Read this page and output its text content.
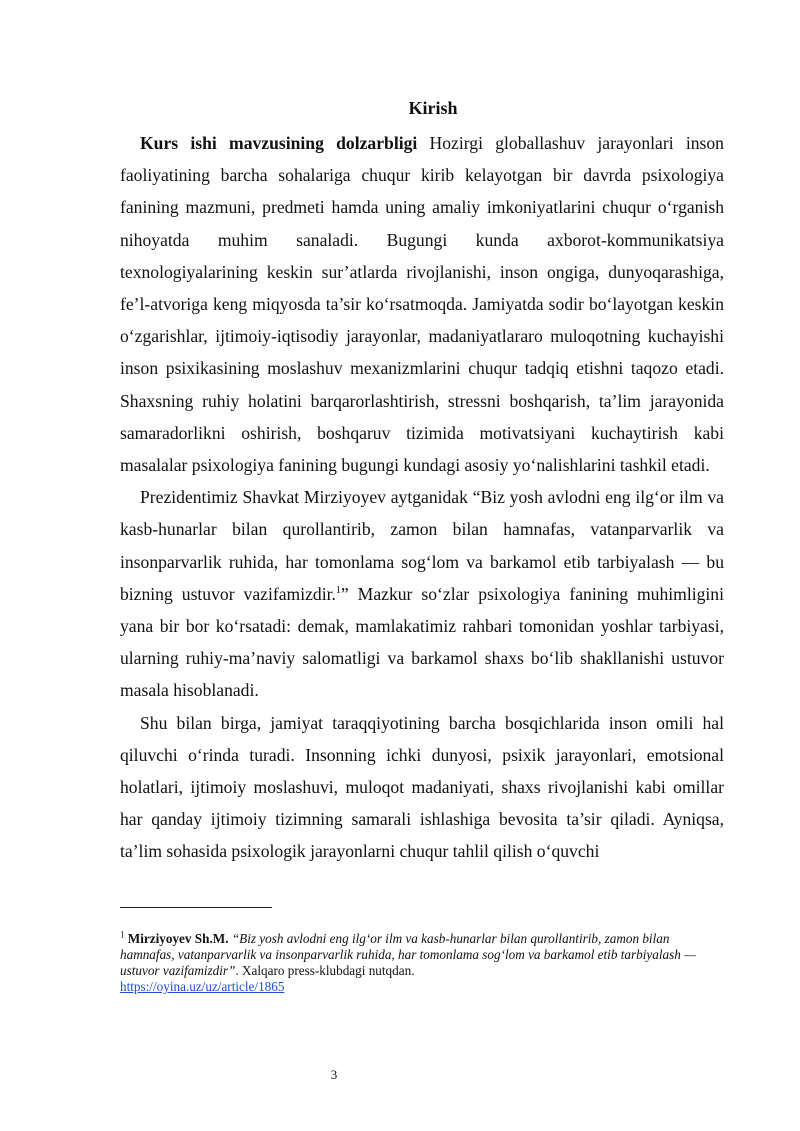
Kirish

Kurs ishi mavzusining dolzarbligi Hozirgi globallashuv jarayonlari inson faoliyatining barcha sohalariga chuqur kirib kelayotgan bir davrda psixologiya fanining mazmuni, predmeti hamda uning amaliy imkoniyatlarini chuqur o‘rganish nihoyatda muhim sanaladi. Bugungi kunda axborot-kommunikatsiya texnologiyalarining keskin sur’atlarda rivojlanishi, inson ongiga, dunyoqarashiga, fe’l-atvoriga keng miqyosda ta’sir ko‘rsatmoqda. Jamiyatda sodir bo‘layotgan keskin o‘zgarishlar, ijtimoiy-iqtisodiy jarayonlar, madaniyatlararo muloqotning kuchayishi inson psixikasining moslashuv mexanizmlarini chuqur tadqiq etishni taqozo etadi. Shaxsning ruhiy holatini barqarorlashtirish, stressni boshqarish, ta’lim jarayonida samaradorlikni oshirish, boshqaruv tizimida motivatsiyani kuchaytirish kabi masalalar psixologiya fanining bugungi kundagi asosiy yo‘nalishlarini tashkil etadi.

Prezidentimiz Shavkat Mirziyoyev aytganidak “Biz yosh avlodni eng ilg‘or ilm va kasb-hunarlar bilan qurollantirib, zamon bilan hamnafas, vatanparvarlik va insonparvarlik ruhida, har tomonlama sog‘lom va barkamol etib tarbiyalash — bu bizning ustuvor vazifamizdir.$^1$” Mazkur so‘zlar psixologiya fanining muhimligini yana bir bor ko‘rsatadi: demak, mamlakatimiz rahbari tomonidan yoshlar tarbiyasi, ularning ruhiy-ma’naviy salomatligi va barkamol shaxs bo‘lib shakllanishi ustuvor masala hisoblanadi.

Shu bilan birga, jamiyat taraqqiyotining barcha bosqichlarida inson omili hal qiluvchi o‘rinda turadi. Insonning ichki dunyosi, psixik jarayonlari, emotsional holatlari, ijtimoiy moslashuvi, muloqot madaniyati, shaxs rivojlanishi kabi omillar har qanday ijtimoiy tizimning samarali ishlashiga bevosita ta’sir qiladi. Ayniqsa, ta’lim sohasida psixologik jarayonlarni chuqur tahlil qilish o‘quvchi

$^1$ Mirziyoyev Sh.M. “Biz yosh avlodni eng ilg‘or ilm va kasb-hunarlar bilan qurollantirib, zamon bilan hamnafas, vatanparvarlik va insonparvarlik ruhida, har tomonlama sog‘lom va barkamol etib tarbiyalash — ustuvor vazifamizdir”. Xalqaro press-klubdagi nutqdan.
https://oyina.uz/uz/article/1865
3
